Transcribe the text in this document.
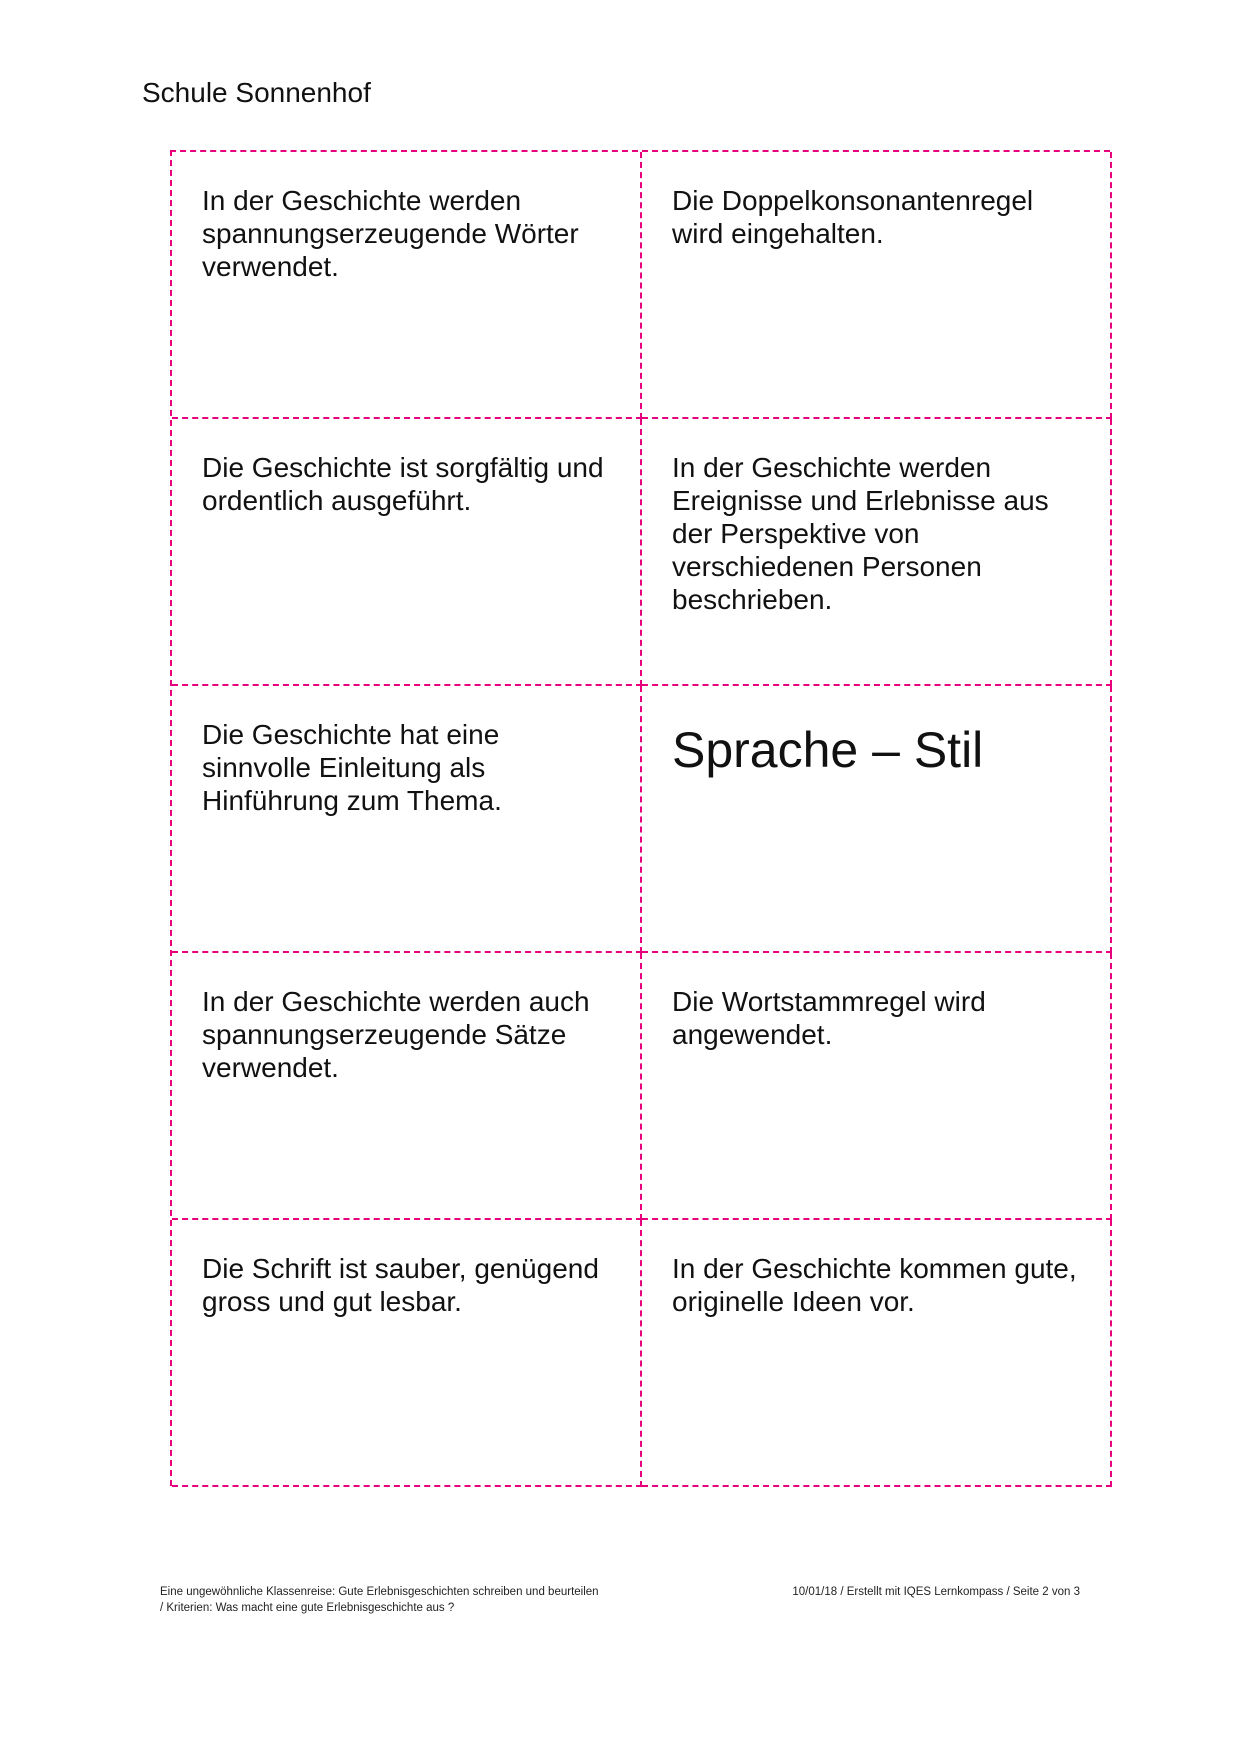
Schule Sonnenhof

In der Geschichte werden spannungserzeugende Wörter verwendet.

Die Doppelkonsonantenregel wird eingehalten.

Die Geschichte ist sorgfältig und ordentlich ausgeführt.

In der Geschichte werden Ereignisse und Erlebnisse aus der Perspektive von verschiedenen Personen beschrieben.

Die Geschichte hat eine sinnvolle Einleitung als Hinführung zum Thema.

Sprache – Stil

In der Geschichte werden auch spannungserzeugende Sätze verwendet.

Die Wortstammregel wird angewendet.

Die Schrift ist sauber, genügend gross und gut lesbar.

In der Geschichte kommen gute, originelle Ideen vor.

Eine ungewöhnliche Klassenreise: Gute Erlebnisgeschichten schreiben und beurteilen / Kriterien: Was macht eine gute Erlebnisgeschichte aus ?
10/01/18 / Erstellt mit IQES Lernkompass / Seite 2 von 3
